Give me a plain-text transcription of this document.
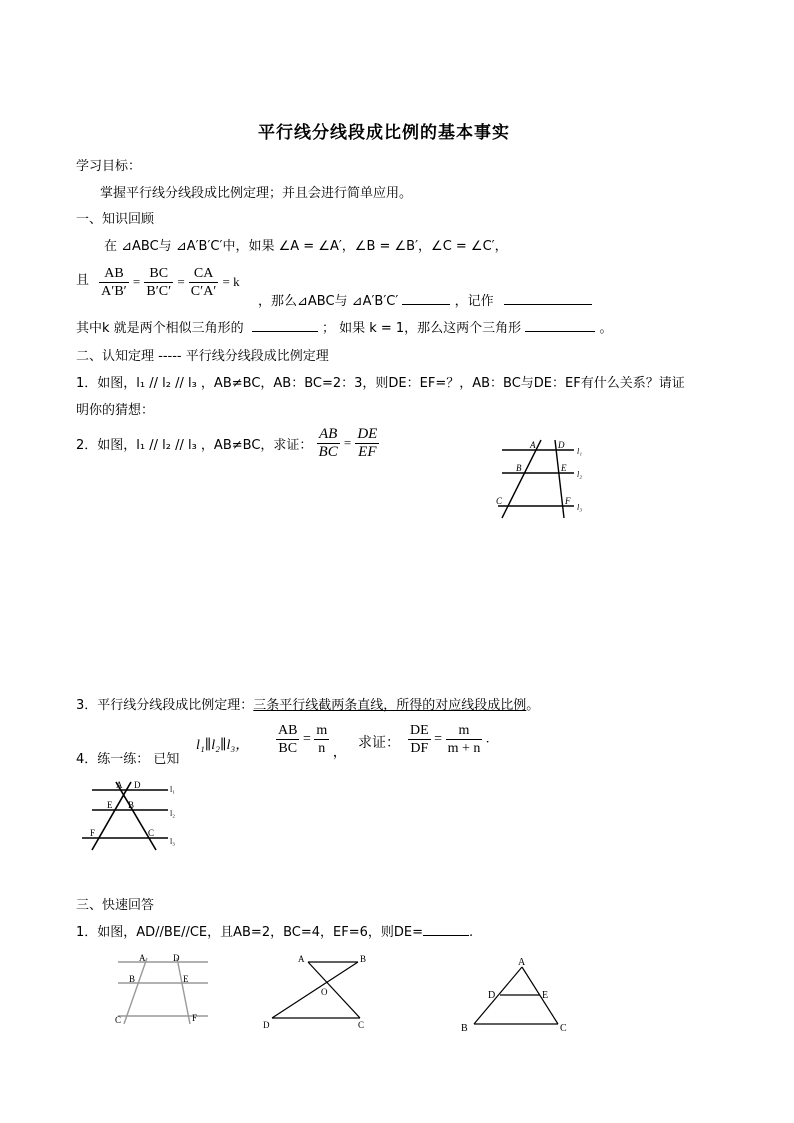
平行线分线段成比例的基本事实
学习目标：
掌握平行线分线段成比例定理；并且会进行简单应用。
一、知识回顾
在 ⊿ABC与 ⊿A′B′C′中，如果 ∠A = ∠A′，∠B = ∠B′，∠C = ∠C′，
且 $\frac{AB}{A'B'} = \frac{BC}{B'C'} = \frac{CA}{C'A'} = k$
，那么⊿ABC与 ⊿A′B′C′	，记作
其中k 就是两个相似三角形的	； 如果 k = 1，那么这两个三角形	。
二、认知定理 ----- 平行线分线段成比例定理
1．如图，l₁ // l₂ // l₃ ，AB≠BC，AB：BC=2：3，则DE：EF=？，AB：BC与DE：EF有什么关系？请证
明你的猜想：
2．如图，l₁ // l₂ // l₃ ，AB≠BC，求证： $\frac{AB}{BC} = \frac{DE}{EF}$	A	D
B	E
C	F
l₁
l₂
l₃
3．平行线分线段成比例定理：三条平行线截两条直线，所得的对应线段成比例。
4．练一练： 已知
l₁∥l₂∥l₃， $\frac{AB}{BC} = \frac{m}{n}$ ，
求证： $\frac{DE}{DF} = \frac{m}{m + n}$ .
A D
E B
F	C
l₁
l₂
l₃
三、快速回答
1．如图，AD//BE//CE，且AB=2，BC=4，EF=6，则DE=	.
A	D
B	E
C	F
A	B
O
D	C
A
D	E
B	C
